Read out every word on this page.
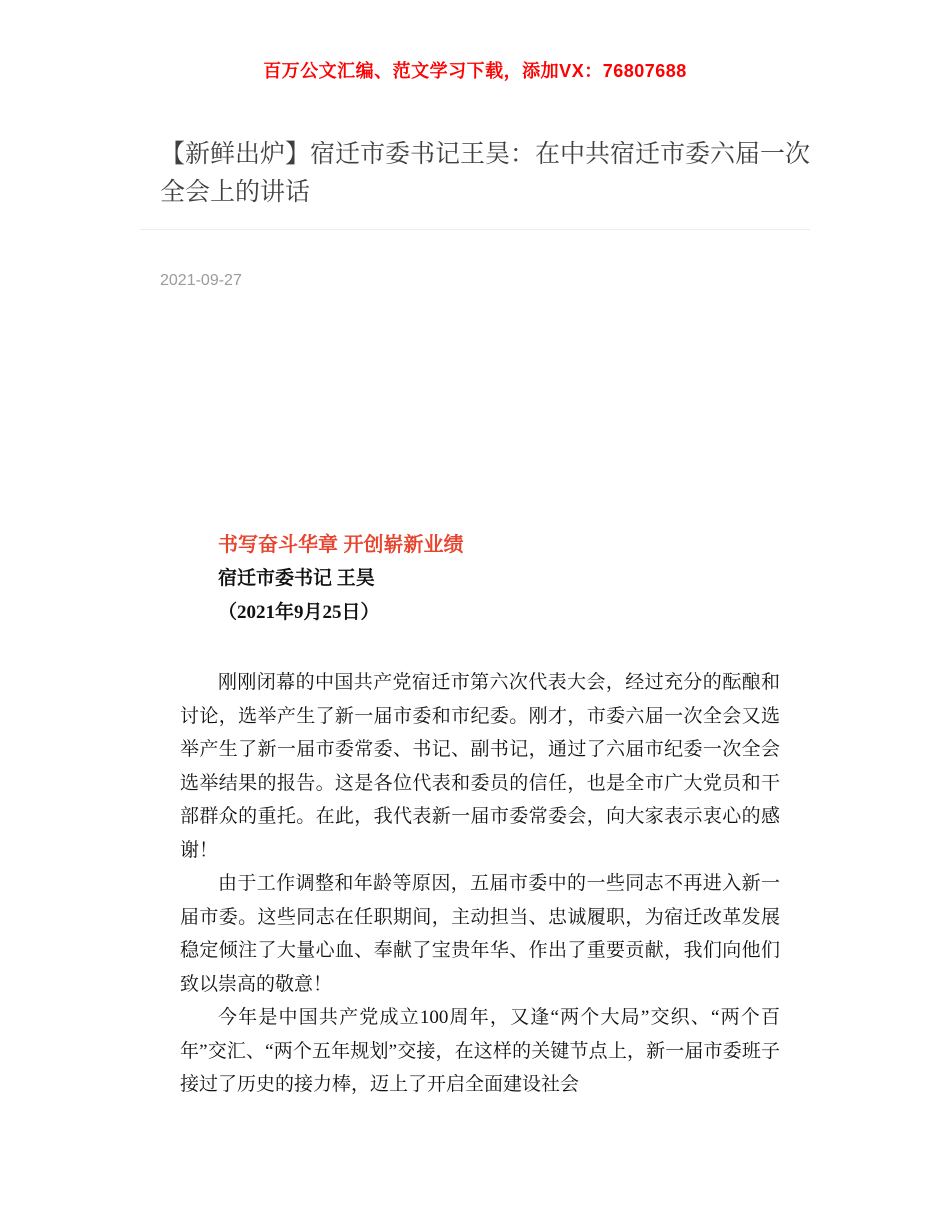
百万公文汇编、范文学习下载，添加VX：76807688
【新鲜出炉】宿迁市委书记王昊：在中共宿迁市委六届一次全会上的讲话
2021-09-27
书写奋斗华章 开创崭新业绩
宿迁市委书记 王昊
（2021年9月25日）

刚刚闭幕的中国共产党宿迁市第六次代表大会，经过充分的酝酿和讨论，选举产生了新一届市委和市纪委。刚才，市委六届一次全会又选举产生了新一届市委常委、书记、副书记，通过了六届市纪委一次全会选举结果的报告。这是各位代表和委员的信任，也是全市广大党员和干部群众的重托。在此，我代表新一届市委常委会，向大家表示衷心的感谢！

由于工作调整和年龄等原因，五届市委中的一些同志不再进入新一届市委。这些同志在任职期间，主动担当、忠诚履职，为宿迁改革发展稳定倾注了大量心血、奉献了宝贵年华、作出了重要贡献，我们向他们致以崇高的敬意！

今年是中国共产党成立100周年，又逢“两个大局”交织、“两个百年”交汇、“两个五年规划”交接，在这样的关键节点上，新一届市委班子接过了历史的接力棒，迈上了开启全面建设社会
